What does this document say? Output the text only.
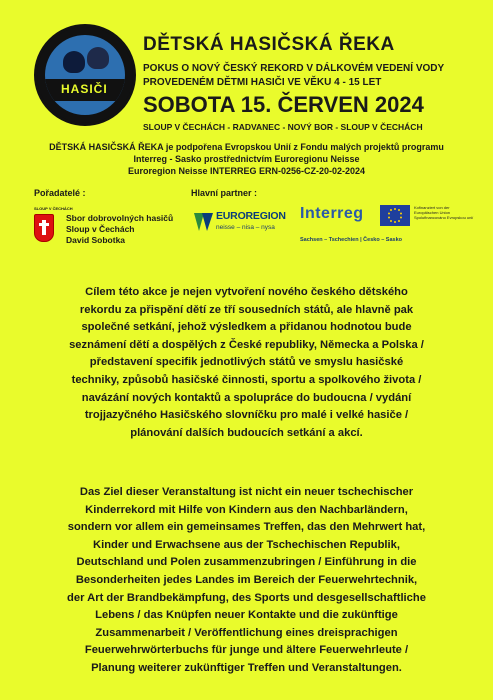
HASIČI
DĚTSKÁ HASIČSKÁ ŘEKA
POKUS O NOVÝ ČESKÝ REKORD V DÁLKOVÉM VEDENÍ VODY
PROVEDENÉM DĚTMI HASIČI VE VĚKU 4 - 15 LET
SOBOTA 15. ČERVEN 2024
SLOUP V ČECHÁCH - RADVANEC - NOVÝ BOR - SLOUP V ČECHÁCH
DĚTSKÁ HASIČSKÁ ŘEKA je podpořena Evropskou Unií z Fondu malých projektů programu
Interreg - Sasko prostřednictvím Euroregionu Neisse
Euroregion Neisse INTERREG ERN-0256-CZ-20-02-2024
Pořadatelé :
SLOUP V ČECHÁCH
Sbor dobrovolných hasičů
Sloup v Čechách
David Sobotka
Hlavní partner :
EUROREGION
neisse – nisa – nysa
Interreg	Kofinanziert von der Europäischen Union Spolufinancováno Evropskou unií
Sachsen – Tschechien | Česko – Sasko
Cílem této akce je nejen vytvoření nového českého dětského
rekordu za přispění dětí ze tří sousedních států, ale hlavně pak
společné setkání, jehož výsledkem a přidanou hodnotou bude
seznámení dětí a dospělých z České republiky, Německa a Polska /
představení specifik jednotlivých států ve smyslu hasičské
techniky, způsobů hasičské činnosti, sportu a spolkového života /
navázání nových kontaktů a spolupráce do budoucna / vydání
trojjazyčného Hasičského slovníčku pro malé i velké hasiče /
plánování dalších budoucích setkání a akcí.
Das Ziel dieser Veranstaltung ist nicht ein neuer tschechischer
Kinderrekord mit Hilfe von Kindern aus den Nachbarländern,
sondern vor allem ein gemeinsames Treffen, das den Mehrwert hat,
Kinder und Erwachsene aus der Tschechischen Republik,
Deutschland und Polen zusammenzubringen / Einführung in die
Besonderheiten jedes Landes im Bereich der Feuerwehrtechnik,
der Art der Brandbekämpfung, des Sports und desgesellschaftliche
Lebens / das Knüpfen neuer Kontakte und die zukünftige
Zusammenarbeit / Veröffentlichung eines dreisprachigen
Feuerwehrwörterbuchs für junge und ältere Feuerwehrleute /
Planung weiterer zukünftiger Treffen und Veranstaltungen.
